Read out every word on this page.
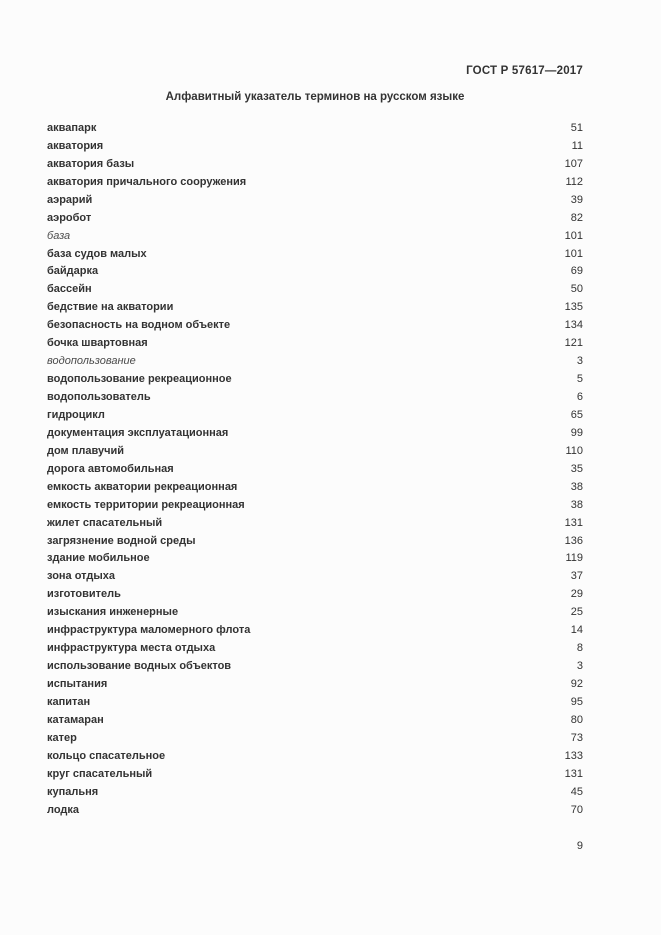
ГОСТ Р 57617—2017
Алфавитный указатель терминов на русском языке
аквапарк	51
акватория	11
акватория базы	107
акватория причального сооружения	112
аэрарий	39
аэробот	82
база	101
база судов малых	101
байдарка	69
бассейн	50
бедствие на акватории	135
безопасность на водном объекте	134
бочка швартовная	121
водопользование	3
водопользование рекреационное	5
водопользователь	6
гидроцикл	65
документация эксплуатационная	99
дом плавучий	110
дорога автомобильная	35
емкость акватории рекреационная	38
емкость территории рекреационная	38
жилет спасательный	131
загрязнение водной среды	136
здание мобильное	119
зона отдыха	37
изготовитель	29
изыскания инженерные	25
инфраструктура маломерного флота	14
инфраструктура места отдыха	8
использование водных объектов	3
испытания	92
капитан	95
катамаран	80
катер	73
кольцо спасательное	133
круг спасательный	131
купальня	45
лодка	70
9
